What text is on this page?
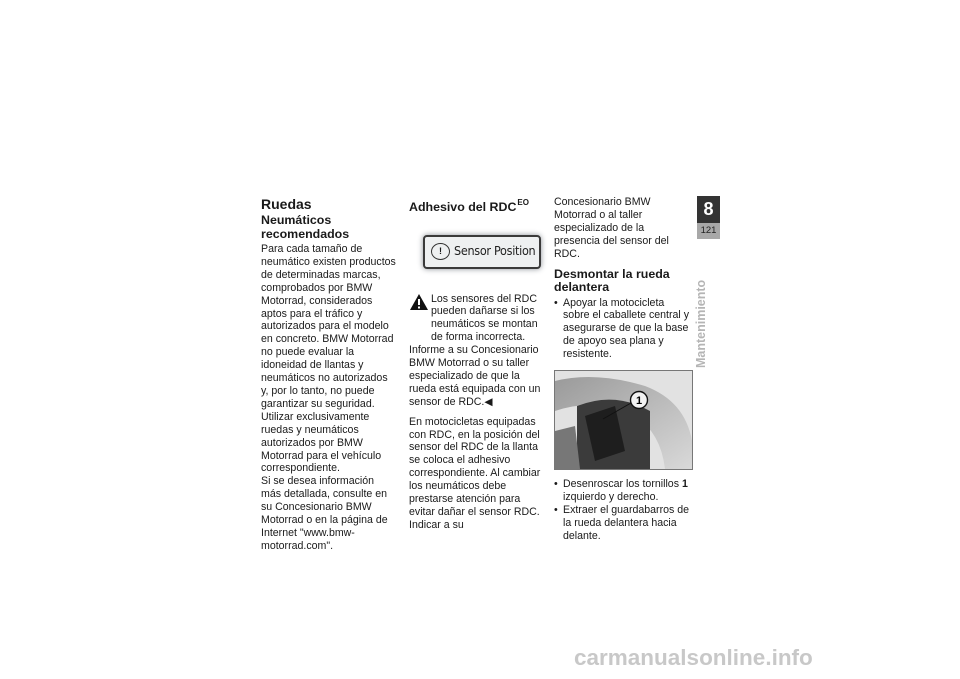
Ruedas
Neumáticos recomendados

Para cada tamaño de neumático existen productos de determinadas marcas, comprobados por BMW Motorrad, considerados aptos para el tráfico y autorizados para el modelo en concreto. BMW Motorrad no puede evaluar la idoneidad de llantas y neumáticos no autorizados y, por lo tanto, no puede garantizar su seguridad.

Utilizar exclusivamente ruedas y neumáticos autorizados por BMW Motorrad para el vehículo correspondiente.

Si se desea información más detallada, consulte en su Concesionario BMW Motorrad o en la página de Internet "www.bmw-motorrad.com".

Adhesivo del $RDC^{EO}$
! Sensor Position

Los sensores del RDC pueden dañarse si los neumáticos se montan de forma incorrecta.

Informe a su Concesionario BMW Motorrad o su taller especializado de que la rueda está equipada con un sensor de RDC.◀

En motocicletas equipadas con RDC, en la posición del sensor del RDC de la llanta se coloca el adhesivo correspondiente. Al cambiar los neumáticos debe prestarse atención para evitar dañar el sensor RDC. Indicar a su

Concesionario BMW Motorrad o al taller especializado de la presencia del sensor del RDC.

Desmontar la rueda delantera
• Apoyar la motocicleta sobre el caballete central y asegurarse de que la base de apoyo sea plana y resistente.
1
• Desenroscar los tornillos 1 izquierdo y derecho.
• Extraer el guardabarros de la rueda delantera hacia delante.
8
121
Mantenimiento
carmanualsonline.info
